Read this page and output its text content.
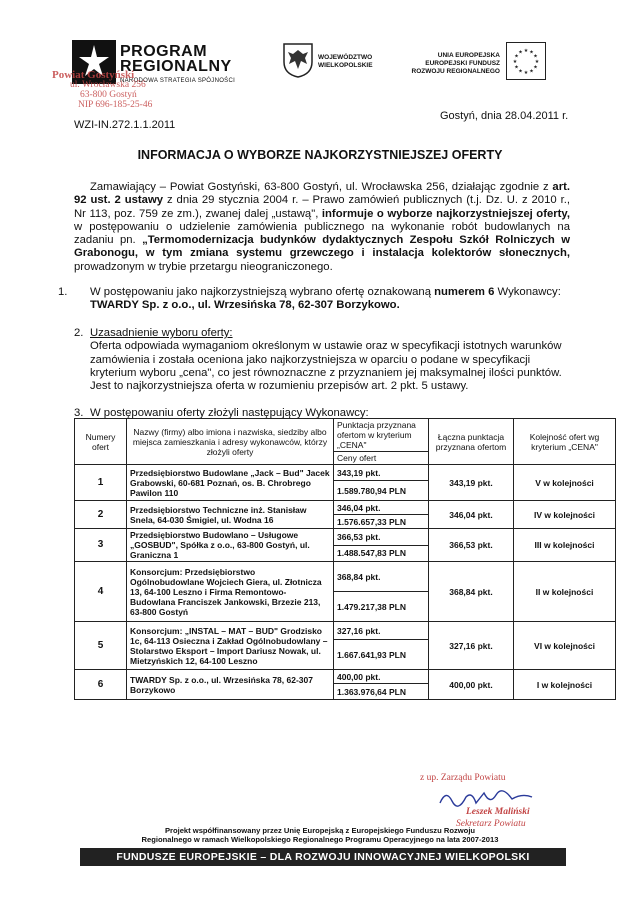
PROGRAM
REGIONALNY
NARODOWA STRATEGIA SPÓJNOŚCI
WOJEWÓDZTWO
WIELKOPOLSKIE
UNIA EUROPEJSKA
EUROPEJSKI FUNDUSZ
ROZWOJU REGIONALNEGO
★
★
★
★
★
★
★
★
★ ★ ★
★
Powiat Gostyński
ul. Wrocławska 256
63-800 Gostyń
NIP 696-185-25-46
WZI-IN.272.1.1.2011
Gostyń, dnia 28.04.2011 r.
INFORMACJA O WYBORZE NAJKORZYSTNIEJSZEJ OFERTY
Zamawiający – Powiat Gostyński, 63-800 Gostyń, ul. Wrocławska 256, działając zgodnie z art. 92 ust. 2 ustawy z dnia 29 stycznia 2004 r. – Prawo zamówień publicznych (t.j. Dz. U. z 2010 r., Nr 113, poz. 759 ze zm.), zwanej dalej „ustawą", informuje o wyborze najkorzystniejszej oferty, w postępowaniu o udzielenie zamówienia publicznego na wykonanie robót budowlanych na zadaniu pn. „Termomodernizacja budynków dydaktycznych Zespołu Szkół Rolniczych w Grabonogu, w tym zmiana systemu grzewczego i instalacja kolektorów słonecznych, prowadzonym w trybie przetargu nieograniczonego.
1. W postępowaniu jako najkorzystniejszą wybrano ofertę oznakowaną numerem 6 Wykonawcy: TWARDY Sp. z o.o., ul. Wrzesińska 78, 62-307 Borzykowo.
2. Uzasadnienie wyboru oferty:
Oferta odpowiada wymaganiom określonym w ustawie oraz w specyfikacji istotnych warunków zamówienia i została oceniona jako najkorzystniejsza w oparciu o podane w specyfikacji kryterium wyboru „cena", co jest równoznaczne z przyznaniem jej maksymalnej ilości punktów. Jest to najkorzystniejsza oferta w rozumieniu przepisów art. 2 pkt. 5 ustawy.
3. W postępowaniu oferty złożyli następujący Wykonawcy:
Numery ofert	Nazwy (firmy) albo imiona i nazwiska, siedziby albo miejsca zamieszkania i adresy wykonawców, którzy złożyli oferty	Punktacja przyznana ofertom w kryterium „CENA"	Łączna punktacja przyznana ofertom	Kolejność ofert wg kryterium „CENA"
		Ceny ofert		
1	Przedsiębiorstwo Budowlane „Jack – Bud" Jacek Grabowski, 60-681 Poznań, os. B. Chrobrego Pawilon 110	343,19 pkt.	343,19 pkt.	V w kolejności
		1.589.780,94 PLN		
2	Przedsiębiorstwo Techniczne inż. Stanisław Snela, 64-030 Śmigiel, ul. Wodna 16	346,04 pkt.	346,04 pkt.	IV w kolejności
		1.576.657,33 PLN		
3	Przedsiębiorstwo Budowlano – Usługowe „GOSBUD", Spółka z o.o., 63-800 Gostyń, ul. Graniczna 1	366,53 pkt.	366,53 pkt.	III w kolejności
		1.488.547,83 PLN		
4	Konsorcjum: Przedsiębiorstwo Ogólnobudowlane Wojciech Giera, ul. Złotnicza 13, 64-100 Leszno i Firma Remontowo-Budowlana Franciszek Jankowski, Brzezie 213, 63-800 Gostyń	368,84 pkt.	368,84 pkt.	II w kolejności
		1.479.217,38 PLN		
5	Konsorcjum: „INSTAL – MAT – BUD" Grodzisko 1c, 64-113 Osieczna i Zakład Ogólnobudowlany – Stolarstwo Eksport – Import Dariusz Nowak, ul. Mietzyńskich 12, 64-100 Leszno	327,16 pkt.	327,16 pkt.	VI w kolejności
		1.667.641,93 PLN		
6	TWARDY Sp. z o.o., ul. Wrzesińska 78, 62-307 Borzykowo	400,00 pkt.	400,00 pkt.	I w kolejności
		1.363.976,64 PLN		
z up. Zarządu Powiatu
Leszek Maliński
Sekretarz Powiatu
Projekt współfinansowany przez Unię Europejską z Europejskiego Funduszu Rozwoju
Regionalnego w ramach Wielkopolskiego Regionalnego Programu Operacyjnego na lata 2007-2013
FUNDUSZE EUROPEJSKIE – DLA ROZWOJU INNOWACYJNEJ WIELKOPOLSKI
